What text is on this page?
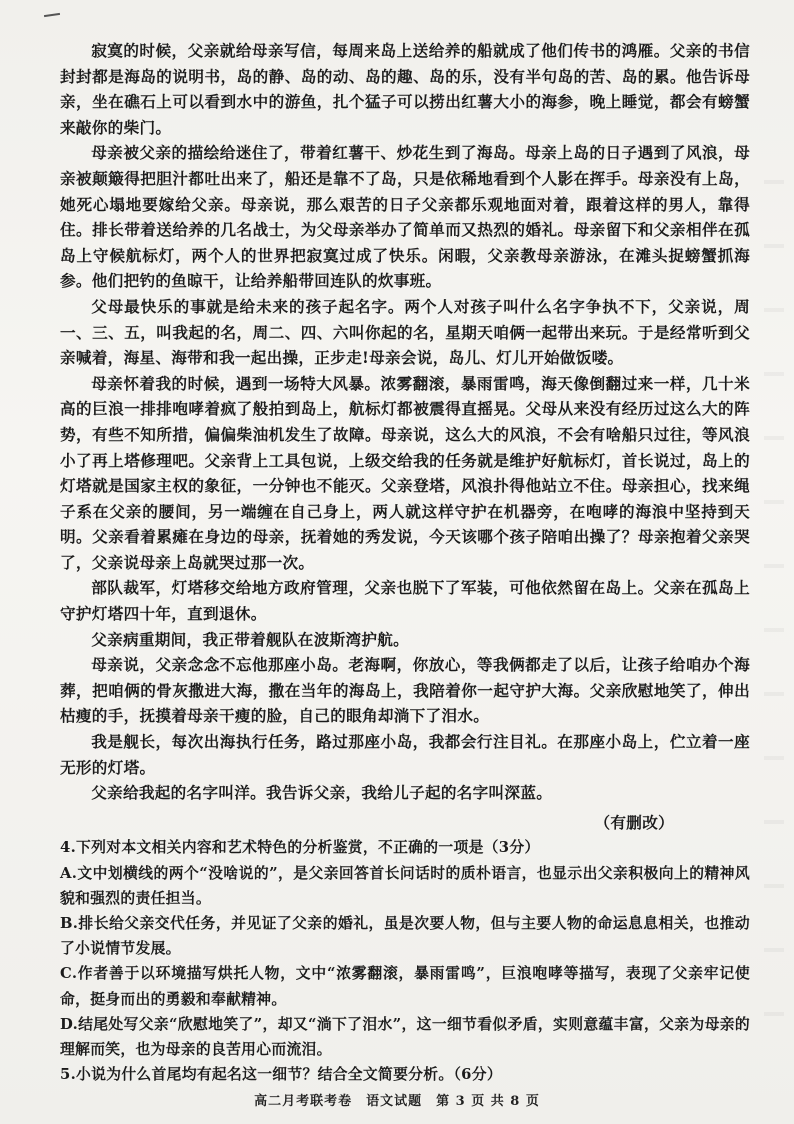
寂寞的时候，父亲就给母亲写信，每周来岛上送给养的船就成了他们传书的鸿雁。父亲的书信封封都是海岛的说明书，岛的静、岛的动、岛的趣、岛的乐，没有半句岛的苦、岛的累。他告诉母亲，坐在礁石上可以看到水中的游鱼，扎个猛子可以捞出红薯大小的海参，晚上睡觉，都会有螃蟹来敲你的柴门。

母亲被父亲的描绘给迷住了，带着红薯干、炒花生到了海岛。母亲上岛的日子遇到了风浪，母亲被颠簸得把胆汁都吐出来了，船还是靠不了岛，只是依稀地看到个人影在挥手。母亲没有上岛，她死心塌地要嫁给父亲。母亲说，那么艰苦的日子父亲都乐观地面对着，跟着这样的男人，靠得住。排长带着送给养的几名战士，为父母亲举办了简单而又热烈的婚礼。母亲留下和父亲相伴在孤岛上守候航标灯，两个人的世界把寂寞过成了快乐。闲暇，父亲教母亲游泳，在滩头捉螃蟹抓海参。他们把钓的鱼晾干，让给养船带回连队的炊事班。

父母最快乐的事就是给未来的孩子起名字。两个人对孩子叫什么名字争执不下，父亲说，周一、三、五，叫我起的名，周二、四、六叫你起的名，星期天咱俩一起带出来玩。于是经常听到父亲喊着，海星、海带和我一起出操，正步走!母亲会说，岛儿、灯儿开始做饭喽。

母亲怀着我的时候，遇到一场特大风暴。浓雾翻滚，暴雨雷鸣，海天像倒翻过来一样，几十米高的巨浪一排排咆哮着疯了般拍到岛上，航标灯都被震得直摇晃。父母从来没有经历过这么大的阵势，有些不知所措，偏偏柴油机发生了故障。母亲说，这么大的风浪，不会有啥船只过往，等风浪小了再上塔修理吧。父亲背上工具包说，上级交给我的任务就是维护好航标灯，首长说过，岛上的灯塔就是国家主权的象征，一分钟也不能灭。父亲登塔，风浪扑得他站立不住。母亲担心，找来绳子系在父亲的腰间，另一端缠在自己身上，两人就这样守护在机器旁，在咆哮的海浪中坚持到天明。父亲看着累瘫在身边的母亲，抚着她的秀发说，今天该哪个孩子陪咱出操了？母亲抱着父亲哭了，父亲说母亲上岛就哭过那一次。

部队裁军，灯塔移交给地方政府管理，父亲也脱下了军装，可他依然留在岛上。父亲在孤岛上守护灯塔四十年，直到退休。

父亲病重期间，我正带着舰队在波斯湾护航。

母亲说，父亲念念不忘他那座小岛。老海啊，你放心，等我俩都走了以后，让孩子给咱办个海葬，把咱俩的骨灰撒进大海，撒在当年的海岛上，我陪着你一起守护大海。父亲欣慰地笑了，伸出枯瘦的手，抚摸着母亲干瘦的脸，自己的眼角却淌下了泪水。

我是舰长，每次出海执行任务，路过那座小岛，我都会行注目礼。在那座小岛上，伫立着一座无形的灯塔。

父亲给我起的名字叫洋。我告诉父亲，我给儿子起的名字叫深蓝。

（有删改）

4.下列对本文相关内容和艺术特色的分析鉴赏，不正确的一项是（3分）

A.文中划横线的两个“没啥说的”，是父亲回答首长问话时的质朴语言，也显示出父亲积极向上的精神风貌和强烈的责任担当。

B.排长给父亲交代任务，并见证了父亲的婚礼，虽是次要人物，但与主要人物的命运息息相关，也推动了小说情节发展。

C.作者善于以环境描写烘托人物，文中“浓雾翻滚，暴雨雷鸣”，巨浪咆哮等描写，表现了父亲牢记使命，挺身而出的勇毅和奉献精神。

D.结尾处写父亲“欣慰地笑了”，却又“淌下了泪水”，这一细节看似矛盾，实则意蕴丰富，父亲为母亲的理解而笑，也为母亲的良苦用心而流泪。

5.小说为什么首尾均有起名这一细节？结合全文简要分析。（6分）

高二月考联考卷　语文试题　第 3 页 共 8 页
